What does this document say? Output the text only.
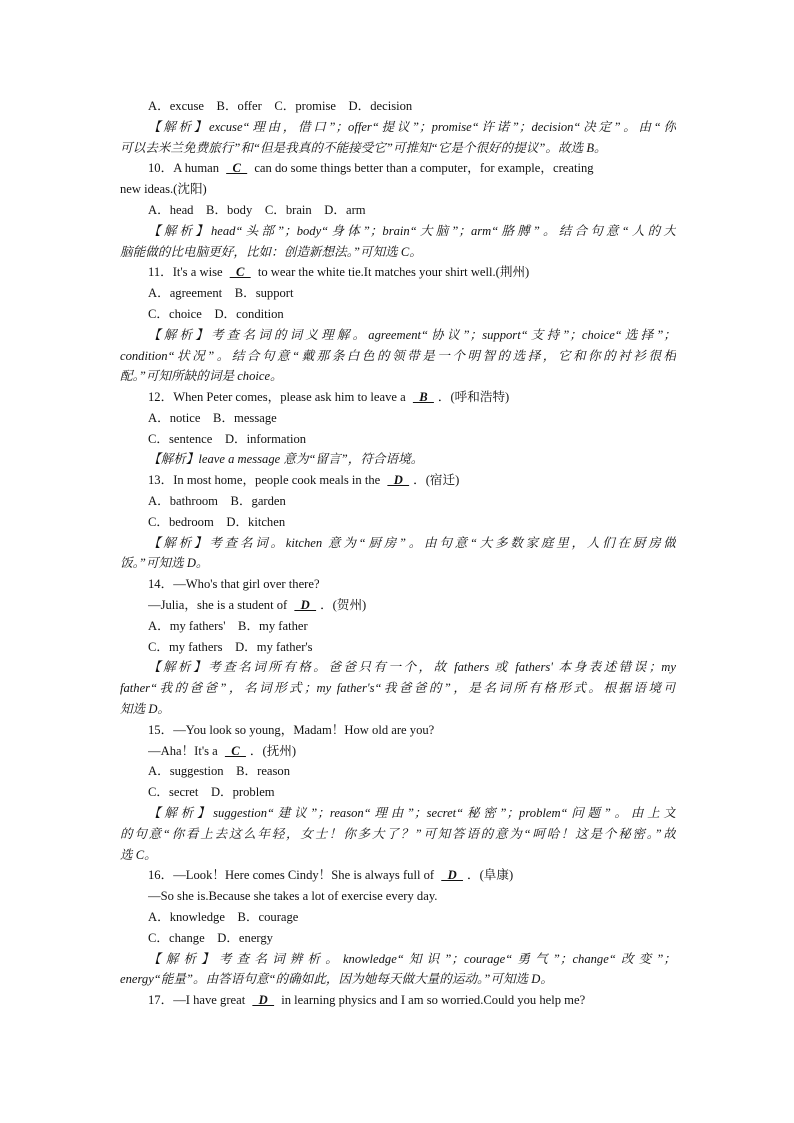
A．excuse　B．offer　C．promise　D．decision
【解析】excuse“理由，借口”；offer“提议”；promise“许诺”；decision“决定”。由“你
可以去米兰免费旅行”和“但是我真的不能接受它”可推知“它是个很好的提议”。故选 B。
10．A human   C   can do some things better than a computer，for example，creating
new ideas.(沈阳)
A．head　B．body　C．brain　D．arm
【解析】head“头部”；body“身体”；brain“大脑”；arm“胳膊”。结合句意“人的大
脑能做的比电脑更好，比如：创造新想法。”可知选 C。
11．It's a wise   C   to wear the white tie.It matches your shirt well.(荆州)
A．agreement　B．support
C．choice　D．condition
【解析】考查名词的词义理解。agreement“协议”；support“支持”；choice“选择”；
condition“状况”。结合句意“戴那条白色的领带是一个明智的选择，它和你的衬衫很相
配。”可知所缺的词是 choice。
12．When Peter comes，please ask him to leave a   B  ．(呼和浩特)
A．notice　B．message
C．sentence　D．information
【解析】leave a message 意为“留言”，符合语境。
13．In most home，people cook meals in the   D  ．(宿迁)
A．bathroom　B．garden
C．bedroom　D．kitchen
【解析】考查名词。kitchen 意为“厨房”。由句意“大多数家庭里，人们在厨房做
饭。”可知选 D。
14．—Who's that girl over there?
—Julia，she is a student of   D  ．(贺州)
A．my fathers'　B．my father
C．my fathers　D．my father's
【解析】考查名词所有格。爸爸只有一个，故 fathers 或 fathers' 本身表述错误；my
father“我的爸爸”，名词形式；my father's“我爸爸的”，是名词所有格形式。根据语境可
知选 D。
15．—You look so young，Madam！How old are you?
—Aha！It's a   C  ．(抚州)
A．suggestion　B．reason
C．secret　D．problem
【解析】suggestion“建议”；reason“理由”；secret“秘密”；problem“问题”。由上文
的句意“你看上去这么年轻，女士！你多大了？”可知答语的意为“呵哈！这是个秘密。”故
选 C。
16．—Look！Here comes Cindy！She is always full of   D  ．(阜康)
—So she is.Because she takes a lot of exercise every day.
A．knowledge　B．courage
C．change　D．energy
【解析】考查名词辨析。knowledge“知识”；courage“勇气”；change“改变”；
energy“能量”。由答语句意“的确如此，因为她每天做大量的运动。”可知选 D。
17．—I have great   D   in learning physics and I am so worried.Could you help me?
